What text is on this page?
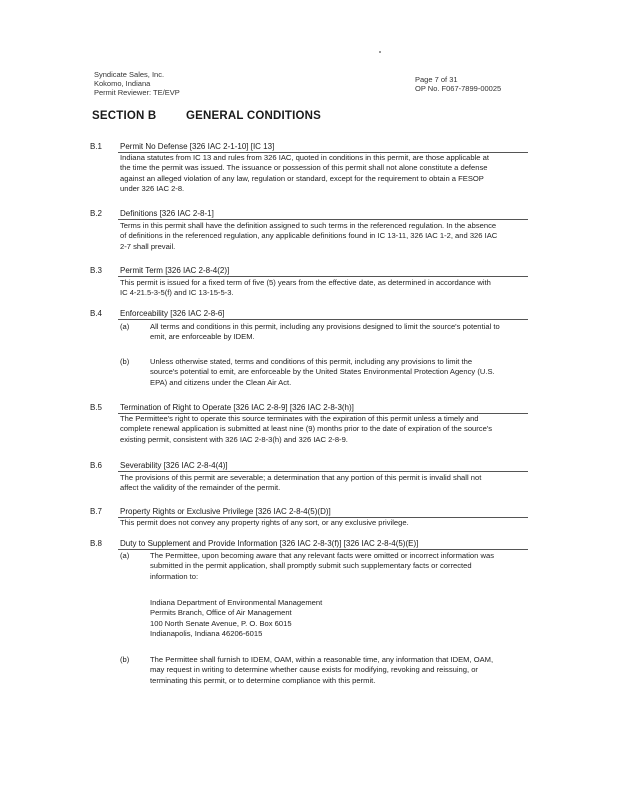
Syndicate Sales, Inc.
Kokomo, Indiana
Permit Reviewer: TE/EVP
Page 7 of 31
OP No. F067-7899-00025
SECTION B	GENERAL CONDITIONS
B.1 Permit No Defense [326 IAC 2-1-10] [IC 13]
Indiana statutes from IC 13 and rules from 326 IAC, quoted in conditions in this permit, are those applicable at the time the permit was issued. The issuance or possession of this permit shall not alone constitute a defense against an alleged violation of any law, regulation or standard, except for the requirement to obtain a FESOP under 326 IAC 2-8.
B.2 Definitions [326 IAC 2-8-1]
Terms in this permit shall have the definition assigned to such terms in the referenced regulation. In the absence of definitions in the referenced regulation, any applicable definitions found in IC 13-11, 326 IAC 1-2, and 326 IAC 2-7 shall prevail.
B.3 Permit Term [326 IAC 2-8-4(2)]
This permit is issued for a fixed term of five (5) years from the effective date, as determined in accordance with IC 4-21.5-3-5(f) and IC 13-15-5-3.
B.4 Enforceability [326 IAC 2-8-6]
(a)	All terms and conditions in this permit, including any provisions designed to limit the source's potential to emit, are enforceable by IDEM.
(b)	Unless otherwise stated, terms and conditions of this permit, including any provisions to limit the source's potential to emit, are enforceable by the United States Environmental Protection Agency (U.S. EPA) and citizens under the Clean Air Act.
B.5 Termination of Right to Operate [326 IAC 2-8-9] [326 IAC 2-8-3(h)]
The Permittee's right to operate this source terminates with the expiration of this permit unless a timely and complete renewal application is submitted at least nine (9) months prior to the date of expiration of the source's existing permit, consistent with 326 IAC 2-8-3(h) and 326 IAC 2-8-9.
B.6 Severability [326 IAC 2-8-4(4)]
The provisions of this permit are severable; a determination that any portion of this permit is invalid shall not affect the validity of the remainder of the permit.
B.7 Property Rights or Exclusive Privilege [326 IAC 2-8-4(5)(D)]
This permit does not convey any property rights of any sort, or any exclusive privilege.
B.8 Duty to Supplement and Provide Information [326 IAC 2-8-3(f)] [326 IAC 2-8-4(5)(E)]
(a)	The Permittee, upon becoming aware that any relevant facts were omitted or incorrect information was submitted in the permit application, shall promptly submit such supplementary facts or corrected information to:
Indiana Department of Environmental Management
Permits Branch, Office of Air Management
100 North Senate Avenue, P. O. Box 6015
Indianapolis, Indiana 46206-6015
(b)	The Permittee shall furnish to IDEM, OAM, within a reasonable time, any information that IDEM, OAM, may request in writing to determine whether cause exists for modifying, revoking and reissuing, or terminating this permit, or to determine compliance with this permit.
